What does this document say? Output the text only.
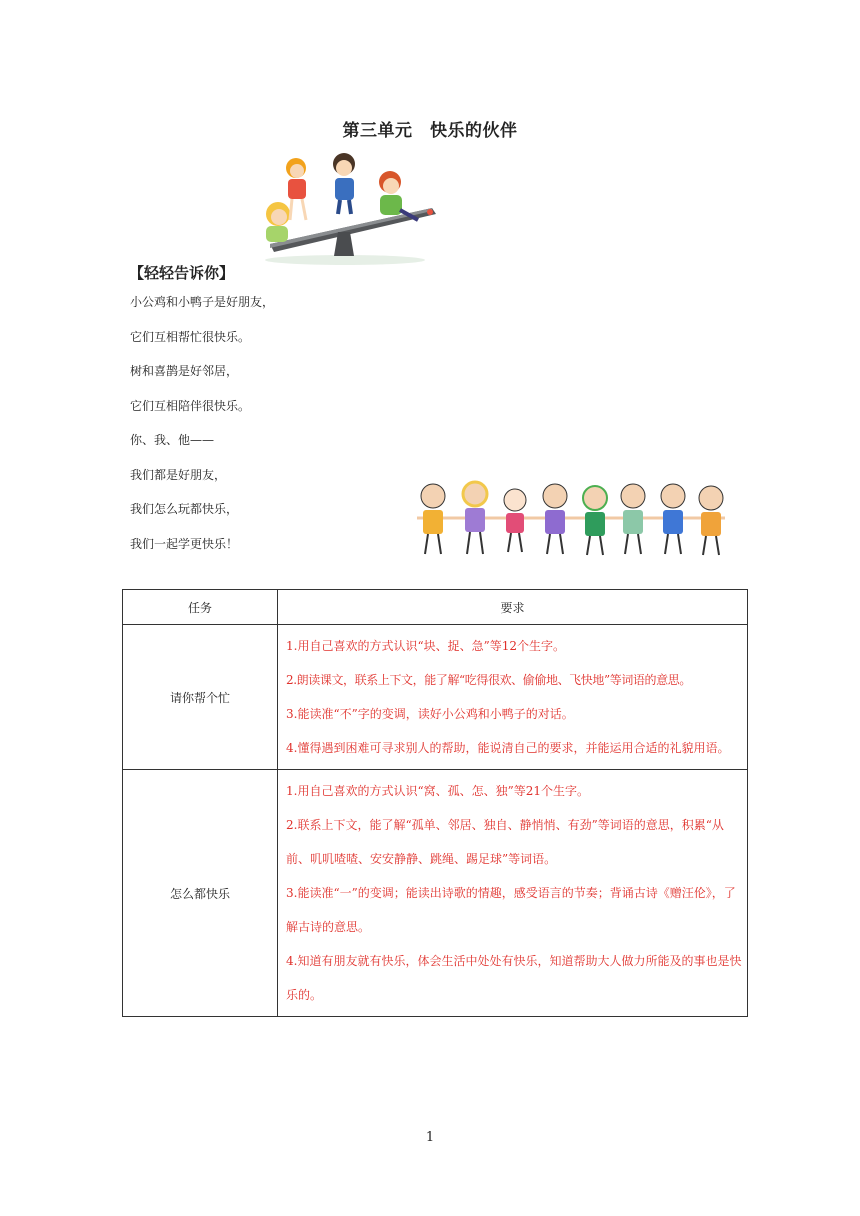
第三单元　快乐的伙伴
【轻轻告诉你】
小公鸡和小鸭子是好朋友，
它们互相帮忙很快乐。
树和喜鹊是好邻居，
它们互相陪伴很快乐。
你、我、他——
我们都是好朋友，
我们怎么玩都快乐，
我们一起学更快乐！
任务	要求
请你帮个忙	1.用自己喜欢的方式认识“块、捉、急”等12个生字。
2.朗读课文，联系上下文，能了解“吃得很欢、偷偷地、飞快地”等词语的意思。
3.能读准“不”字的变调，读好小公鸡和小鸭子的对话。
4.懂得遇到困难可寻求别人的帮助，能说清自己的要求，并能运用合适的礼貌用语。

怎么都快乐	1.用自己喜欢的方式认识“窝、孤、怎、独”等21个生字。
2.联系上下文，能了解“孤单、邻居、独自、静悄悄、有劲”等词语的意思，积累“从前、叽叽喳喳、安安静静、跳绳、踢足球”等词语。
3.能读准“一”的变调；能读出诗歌的情趣，感受语言的节奏；背诵古诗《赠汪伦》，了解古诗的意思。
4.知道有朋友就有快乐，体会生活中处处有快乐，知道帮助大人做力所能及的事也是快乐的。
1
